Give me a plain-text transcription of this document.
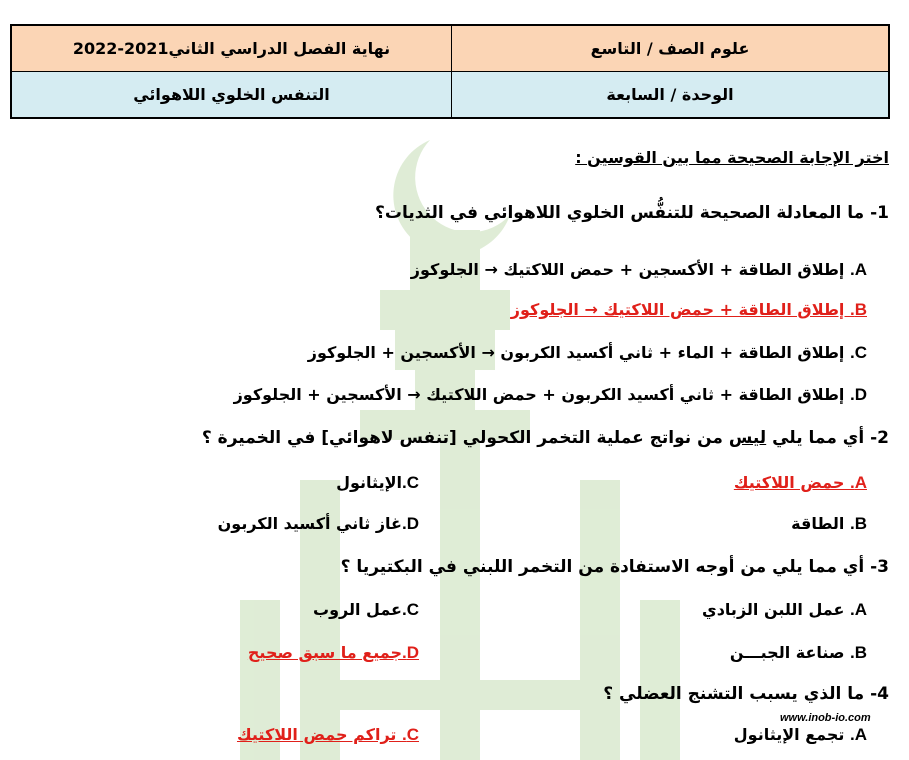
نهاية الفصل الدراسي الثاني2021-2022	علوم الصف / التاسع
التنفس الخلوي اللاهوائي	الوحدة / السابعة
اختر الإجابة الصحيحة مما بين القوسين :
1- ما المعادلة الصحيحة للتنفُّس الخلوي اللاهوائي في الثديات؟
A. إطلاق الطاقة + الأكسجين + حمض اللاكتيك → الجلوكوز
B. إطلاق الطاقة + حمض اللاكتيك → الجلوكوز
C. إطلاق الطاقة + الماء + ثاني أكسيد الكربون → الأكسجين + الجلوكوز
D. إطلاق الطاقة + ثاني أكسيد الكربون + حمض اللاكتيك → الأكسجين + الجلوكوز
2- أي مما يلي ليس من نواتج عملية التخمر الكحولي [تنفس لاهوائي] في الخميرة ؟
A. حمض اللاكتيك
C.الإيثانول
B. الطاقة
D.غاز ثاني أكسيد الكربون
3- أي مما يلي من أوجه الاستفادة من التخمر اللبني في البكتيريا ؟
A. عمل اللبن الزبادي
C.عمل الروب
B. صناعة الجبـــن
D.جميع ما سبق صحيح
4- ما الذي يسبب التشنج العضلي ؟
A. تجمع الإيثانول
C. تراكم حمض اللاكتيك
www.inob-io.com
